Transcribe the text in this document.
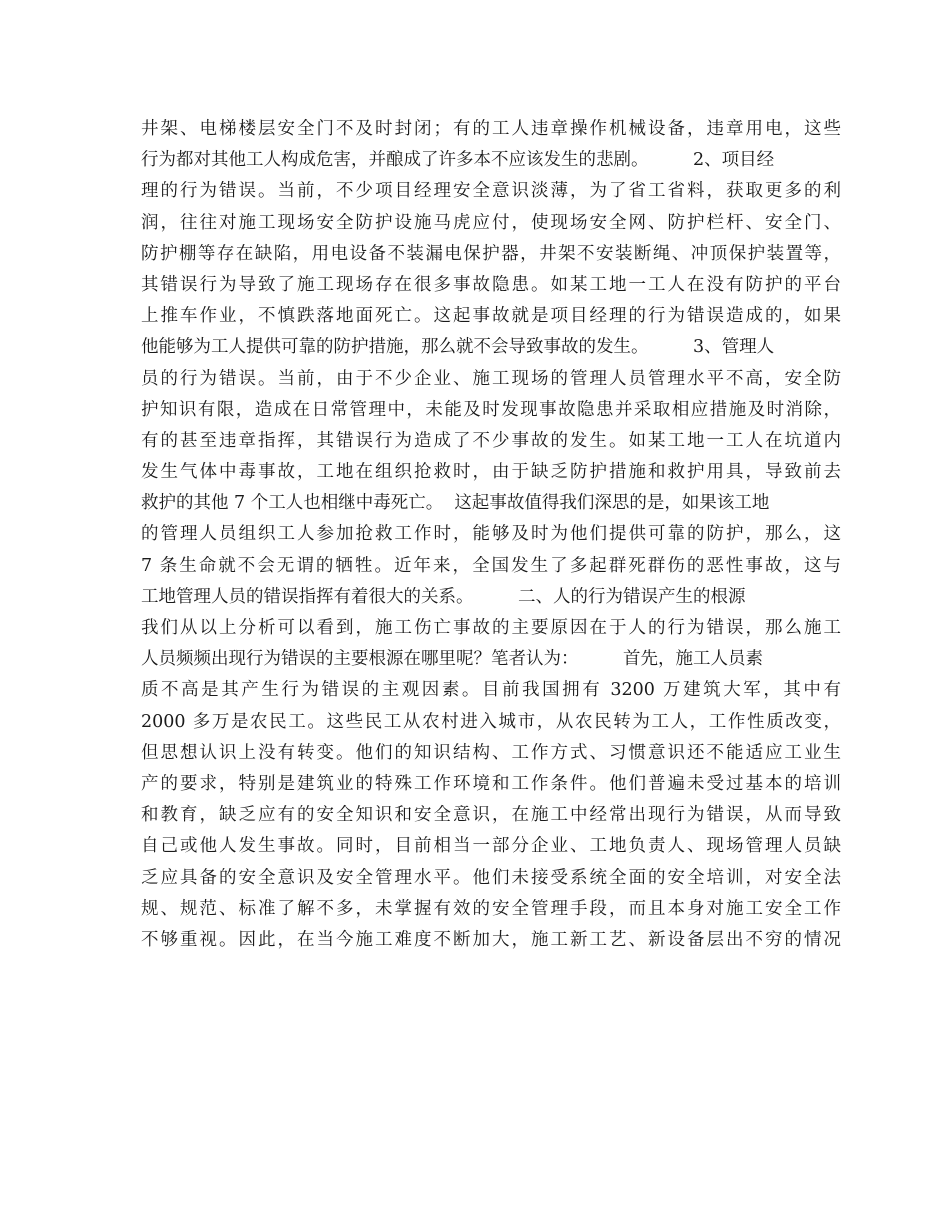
井架、电梯楼层安全门不及时封闭；有的工人违章操作机械设备，违章用电，这些
行为都对其他工人构成危害，并酿成了许多本不应该发生的悲剧。        2、项目经
理的行为错误。当前，不少项目经理安全意识淡薄，为了省工省料，获取更多的利
润，往往对施工现场安全防护设施马虎应付，使现场安全网、防护栏杆、安全门、
防护棚等存在缺陷，用电设备不装漏电保护器，井架不安装断绳、冲顶保护装置等，
其错误行为导致了施工现场存在很多事故隐患。如某工地一工人在没有防护的平台
上推车作业，不慎跌落地面死亡。这起事故就是项目经理的行为错误造成的，如果
他能够为工人提供可靠的防护措施，那么就不会导致事故的发生。        3、管理人
员的行为错误。当前，由于不少企业、施工现场的管理人员管理水平不高，安全防
护知识有限，造成在日常管理中，未能及时发现事故隐患并采取相应措施及时消除，
有的甚至违章指挥，其错误行为造成了不少事故的发生。如某工地一工人在坑道内
发生气体中毒事故，工地在组织抢救时，由于缺乏防护措施和救护用具，导致前去
救护的其他 7 个工人也相继中毒死亡。  这起事故值得我们深思的是，如果该工地
的管理人员组织工人参加抢救工作时，能够及时为他们提供可靠的防护，那么，这
7 条生命就不会无谓的牺牲。近年来，全国发生了多起群死群伤的恶性事故，这与
工地管理人员的错误指挥有着很大的关系。        二、人的行为错误产生的根源
我们从以上分析可以看到，施工伤亡事故的主要原因在于人的行为错误，那么施工
人员频频出现行为错误的主要根源在哪里呢？笔者认为：        首先，施工人员素
质不高是其产生行为错误的主观因素。目前我国拥有 3200 万建筑大军，其中有
2000 多万是农民工。这些民工从农村进入城市，从农民转为工人，工作性质改变，
但思想认识上没有转变。他们的知识结构、工作方式、习惯意识还不能适应工业生
产的要求，特别是建筑业的特殊工作环境和工作条件。他们普遍未受过基本的培训
和教育，缺乏应有的安全知识和安全意识，在施工中经常出现行为错误，从而导致
自己或他人发生事故。同时，目前相当一部分企业、工地负责人、现场管理人员缺
乏应具备的安全意识及安全管理水平。他们未接受系统全面的安全培训，对安全法
规、规范、标准了解不多，未掌握有效的安全管理手段，而且本身对施工安全工作
不够重视。因此，在当今施工难度不断加大，施工新工艺、新设备层出不穷的情况
